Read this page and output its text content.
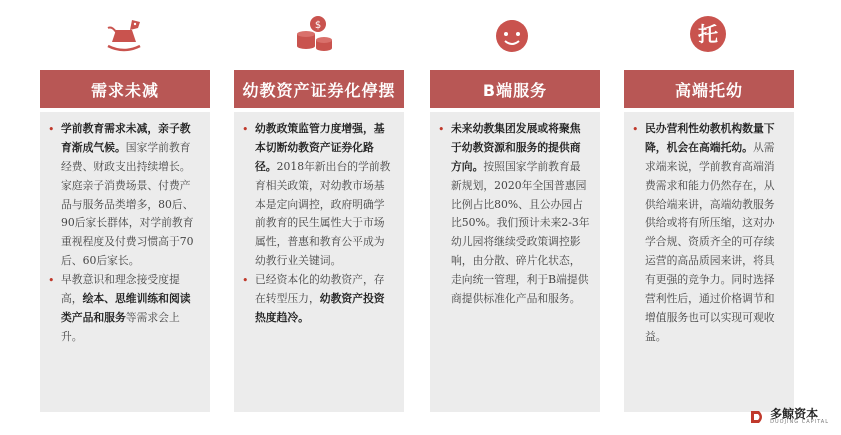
$	托
需求未减

• 学前教育需求未减，亲子教育渐成气候。国家学前教育经费、财政支出持续增长。家庭亲子消费场景、付费产品与服务品类增多，80后、90后家长群体，对学前教育重视程度及付费习惯高于70后、60后家长。

• 早教意识和理念接受度提高，绘本、思维训练和阅读类产品和服务等需求会上升。

幼教资产证券化停摆

• 幼教政策监管力度增强，基本切断幼教资产证券化路径。2018年新出台的学前教育相关政策，对幼教市场基本是定向调控，政府明确学前教育的民生属性大于市场属性，普惠和教育公平成为幼教行业关键词。

• 已经资本化的幼教资产，存在转型压力，幼教资产投资热度趋冷。

B端服务

• 未来幼教集团发展或将聚焦于幼教资源和服务的提供商方向。按照国家学前教育最新规划，2020年全国普惠园比例占比80%、且公办园占比50%。我们预计未来2-3年幼儿园将继续受政策调控影响，由分散、碎片化状态，走向统一管理，利于B端提供商提供标准化产品和服务。

高端托幼

• 民办营利性幼教机构数量下降，机会在高端托幼。从需求端来说，学前教育高端消费需求和能力仍然存在，从供给端来讲，高端幼教服务供给或将有所压缩，这对办学合规、资质齐全的可存续运营的高品质园来讲，将具有更强的竞争力。同时选择营利性后，通过价格调节和增值服务也可以实现可观收益。

多鲸资本
DUOJING CAPITAL
